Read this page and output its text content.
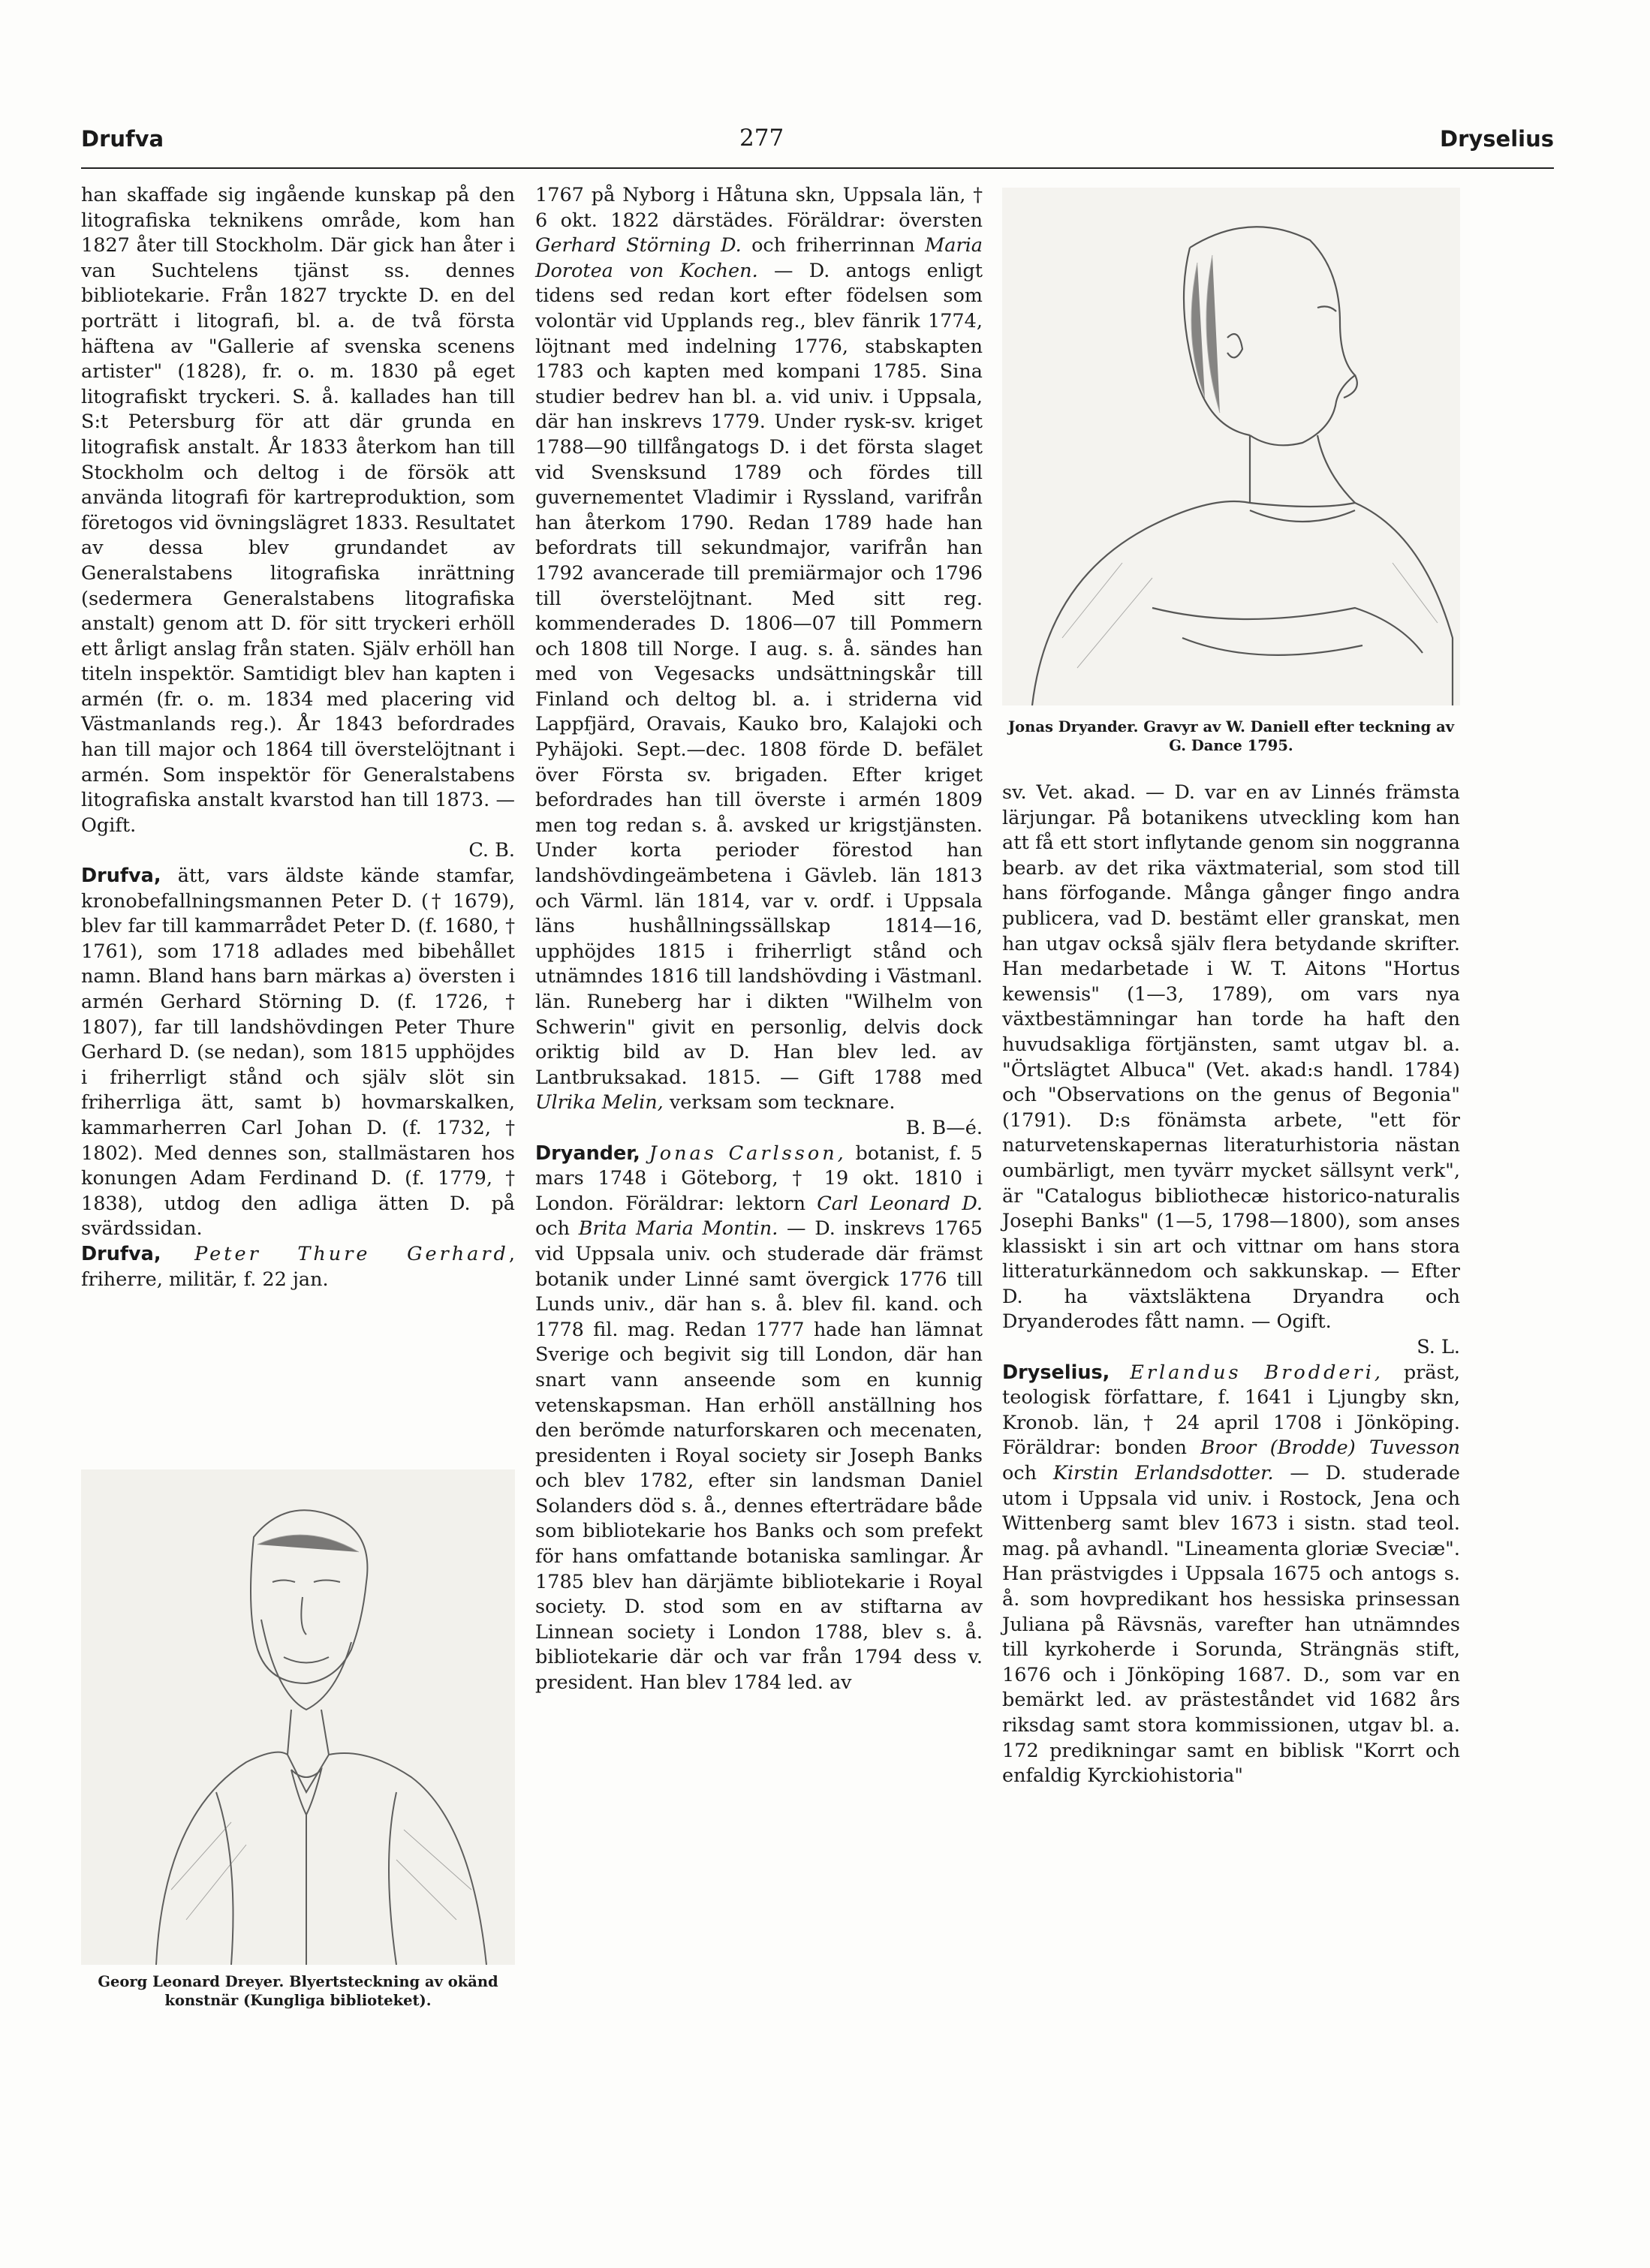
Drufva	277	Dryselius

han skaffade sig ingående kunskap på den litografiska teknikens område, kom han 1827 åter till Stockholm. Där gick han åter i van Suchtelens tjänst ss. dennes bibliotekarie. Från 1827 tryckte D. en del porträtt i litografi, bl. a. de två första häftena av "Gallerie af svenska scenens artister" (1828), fr. o. m. 1830 på eget litografiskt tryckeri. S. å. kallades han till S:t Petersburg för att där grunda en litografisk anstalt. År 1833 återkom han till Stockholm och deltog i de försök att använda litografi för kartreproduktion, som företogos vid övningslägret 1833. Resultatet av dessa blev grundandet av Generalstabens litografiska inrättning (sedermera Generalstabens litografiska anstalt) genom att D. för sitt tryckeri erhöll ett årligt anslag från staten. Själv erhöll han titeln inspektör. Samtidigt blev han kapten i armén (fr. o. m. 1834 med placering vid Västmanlands reg.). År 1843 befordrades han till major och 1864 till överstelöjtnant i armén. Som inspektör för Generalstabens litografiska anstalt kvarstod han till 1873. — Ogift.
C. B.

Drufva, ätt, vars äldste kände stamfar, kronobefallningsmannen Peter D. († 1679), blev far till kammarrådet Peter D. (f. 1680, † 1761), som 1718 adlades med bibehållet namn. Bland hans barn märkas a) översten i armén Gerhard Störning D. (f. 1726, † 1807), far till landshövdingen Peter Thure Gerhard D. (se nedan), som 1815 upphöjdes i friherrligt stånd och själv slöt sin friherrliga ätt, samt b) hovmarskalken, kammarherren Carl Johan D. (f. 1732, † 1802). Med dennes son, stallmästaren hos konungen Adam Ferdinand D. (f. 1779, † 1838), utdog den adliga ätten D. på svärdssidan.

Drufva, Peter Thure Gerhard, friherre, militär, f. 22 jan.

Georg Leonard Dreyer. Blyertsteckning av okänd konstnär (Kungliga biblioteket).

1767 på Nyborg i Håtuna skn, Uppsala län, † 6 okt. 1822 därstädes. Föräldrar: översten Gerhard Störning D. och friherrinnan Maria Dorotea von Kochen. — D. antogs enligt tidens sed redan kort efter födelsen som volontär vid Upplands reg., blev fänrik 1774, löjtnant med indelning 1776, stabskapten 1783 och kapten med kompani 1785. Sina studier bedrev han bl. a. vid univ. i Uppsala, där han inskrevs 1779. Under rysk-sv. kriget 1788—90 tillfångatogs D. i det första slaget vid Svensksund 1789 och fördes till guvernementet Vladimir i Ryssland, varifrån han återkom 1790. Redan 1789 hade han befordrats till sekundmajor, varifrån han 1792 avancerade till premiärmajor och 1796 till överstelöjtnant. Med sitt reg. kommenderades D. 1806—07 till Pommern och 1808 till Norge. I aug. s. å. sändes han med von Vegesacks undsättningskår till Finland och deltog bl. a. i striderna vid Lappfjärd, Oravais, Kauko bro, Kalajoki och Pyhäjoki. Sept.—dec. 1808 förde D. befälet över Första sv. brigaden. Efter kriget befordrades han till överste i armén 1809 men tog redan s. å. avsked ur krigstjänsten. Under korta perioder förestod han landshövdingeämbetena i Gävleb. län 1813 och Värml. län 1814, var v. ordf. i Uppsala läns hushållningssällskap 1814—16, upphöjdes 1815 i friherrligt stånd och utnämndes 1816 till landshövding i Västmanl. län. Runeberg har i dikten "Wilhelm von Schwerin" givit en personlig, delvis dock oriktig bild av D. Han blev led. av Lantbruksakad. 1815. — Gift 1788 med Ulrika Melin, verksam som tecknare.
B. B—é.

Dryander, Jonas Carlsson, botanist, f. 5 mars 1748 i Göteborg, † 19 okt. 1810 i London. Föräldrar: lektorn Carl Leonard D. och Brita Maria Montin. — D. inskrevs 1765 vid Uppsala univ. och studerade där främst botanik under Linné samt övergick 1776 till Lunds univ., där han s. å. blev fil. kand. och 1778 fil. mag. Redan 1777 hade han lämnat Sverige och begivit sig till London, där han snart vann anseende som en kunnig vetenskapsman. Han erhöll anställning hos den berömde naturforskaren och mecenaten, presidenten i Royal society sir Joseph Banks och blev 1782, efter sin landsman Daniel Solanders död s. å., dennes efterträdare både som bibliotekarie hos Banks och som prefekt för hans omfattande botaniska samlingar. År 1785 blev han därjämte bibliotekarie i Royal society. D. stod som en av stiftarna av Linnean society i London 1788, blev s. å. bibliotekarie där och var från 1794 dess v. president. Han blev 1784 led. av

Jonas Dryander. Gravyr av W. Daniell efter teckning av G. Dance 1795.

sv. Vet. akad. — D. var en av Linnés främsta lärjungar. På botanikens utveckling kom han att få ett stort inflytande genom sin noggranna bearb. av det rika växtmaterial, som stod till hans förfogande. Många gånger fingo andra publicera, vad D. bestämt eller granskat, men han utgav också själv flera betydande skrifter. Han medarbetade i W. T. Aitons "Hortus kewensis" (1—3, 1789), om vars nya växtbestämningar han torde ha haft den huvudsakliga förtjänsten, samt utgav bl. a. "Örtslägtet Albuca" (Vet. akad:s handl. 1784) och "Observations on the genus of Begonia" (1791). D:s fönämsta arbete, "ett för naturvetenskapernas literaturhistoria nästan oumbärligt, men tyvärr mycket sällsynt verk", är "Catalogus bibliothecæ historico-naturalis Josephi Banks" (1—5, 1798—1800), som anses klassiskt i sin art och vittnar om hans stora litteraturkännedom och sakkunskap. — Efter D. ha växtsläktena Dryandra och Dryanderodes fått namn. — Ogift.
S. L.

Dryselius, Erlandus Brodderi, präst, teologisk författare, f. 1641 i Ljungby skn, Kronob. län, † 24 april 1708 i Jönköping. Föräldrar: bonden Broor (Brodde) Tuvesson och Kirstin Erlandsdotter. — D. studerade utom i Uppsala vid univ. i Rostock, Jena och Wittenberg samt blev 1673 i sistn. stad teol. mag. på avhandl. "Lineamenta gloriæ Sveciæ". Han prästvigdes i Uppsala 1675 och antogs s. å. som hovpredikant hos hessiska prinsessan Juliana på Rävsnäs, varefter han utnämndes till kyrkoherde i Sorunda, Strängnäs stift, 1676 och i Jönköping 1687. D., som var en bemärkt led. av prästeståndet vid 1682 års riksdag samt stora kommissionen, utgav bl. a. 172 predikningar samt en biblisk "Korrt och enfaldig Kyrckiohistoria"
